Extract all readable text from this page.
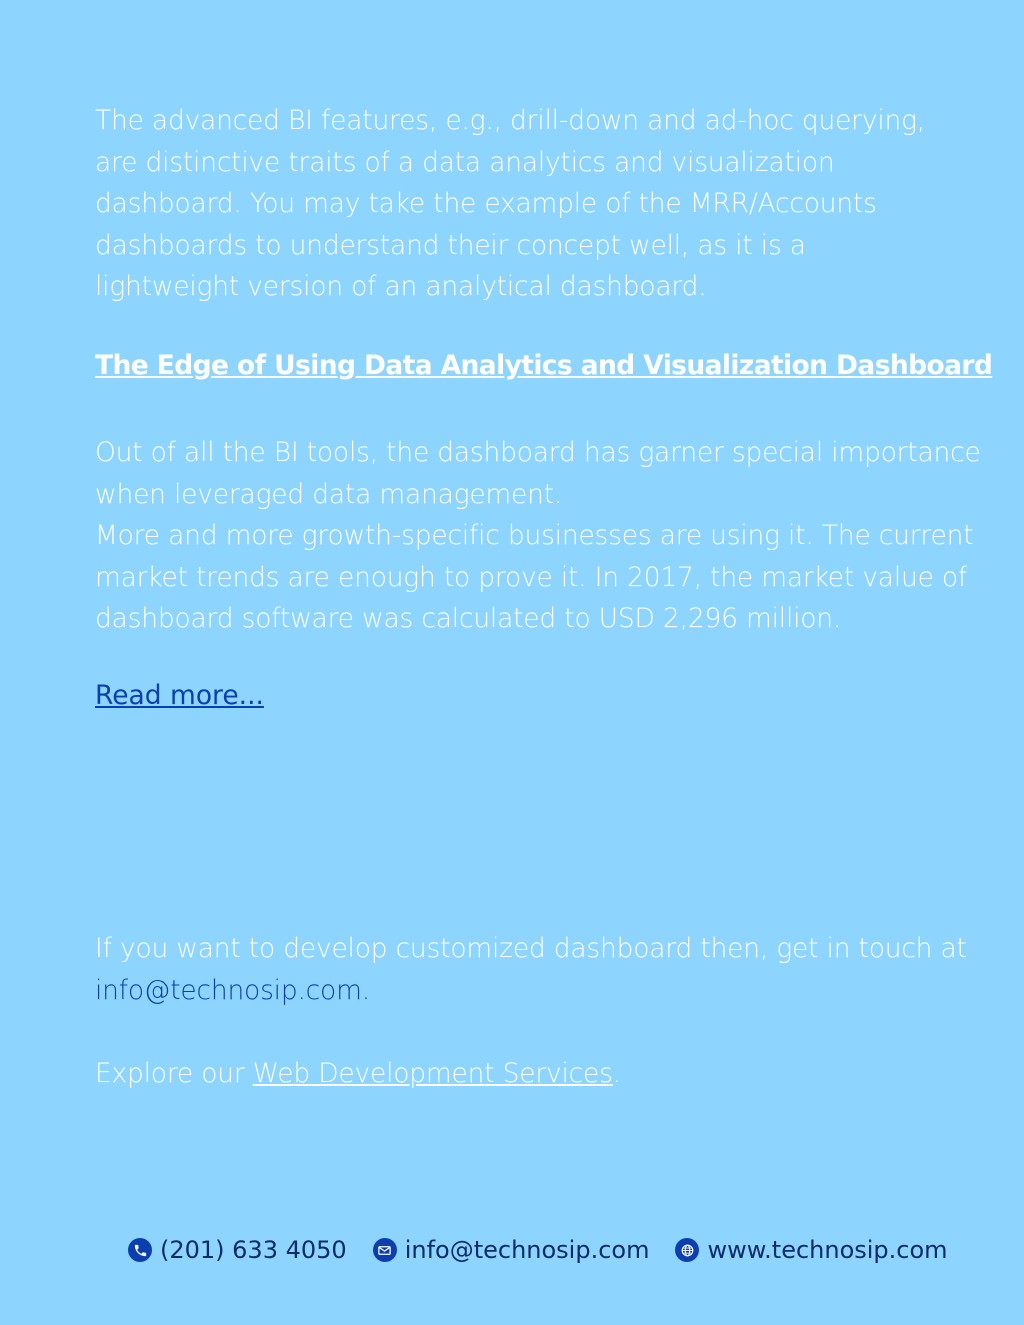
The advanced BI features, e.g., drill-down and ad-hoc querying,
are distinctive traits of a data analytics and visualization
dashboard. You may take the example of the MRR/Accounts
dashboards to understand their concept well, as it is a
lightweight version of an analytical dashboard.

The Edge of Using Data Analytics and Visualization Dashboard

Out of all the BI tools, the dashboard has garner special importance
when leveraged data management.
More and more growth-specific businesses are using it. The current
market trends are enough to prove it. In 2017, the market value of
dashboard software was calculated to USD 2,296 million.

Read more...

If you want to develop customized dashboard then, get in touch at
info@technosip.com.

Explore our Web Development Services.

(201) 633 4050 info@technosip.com www.technosip.com
